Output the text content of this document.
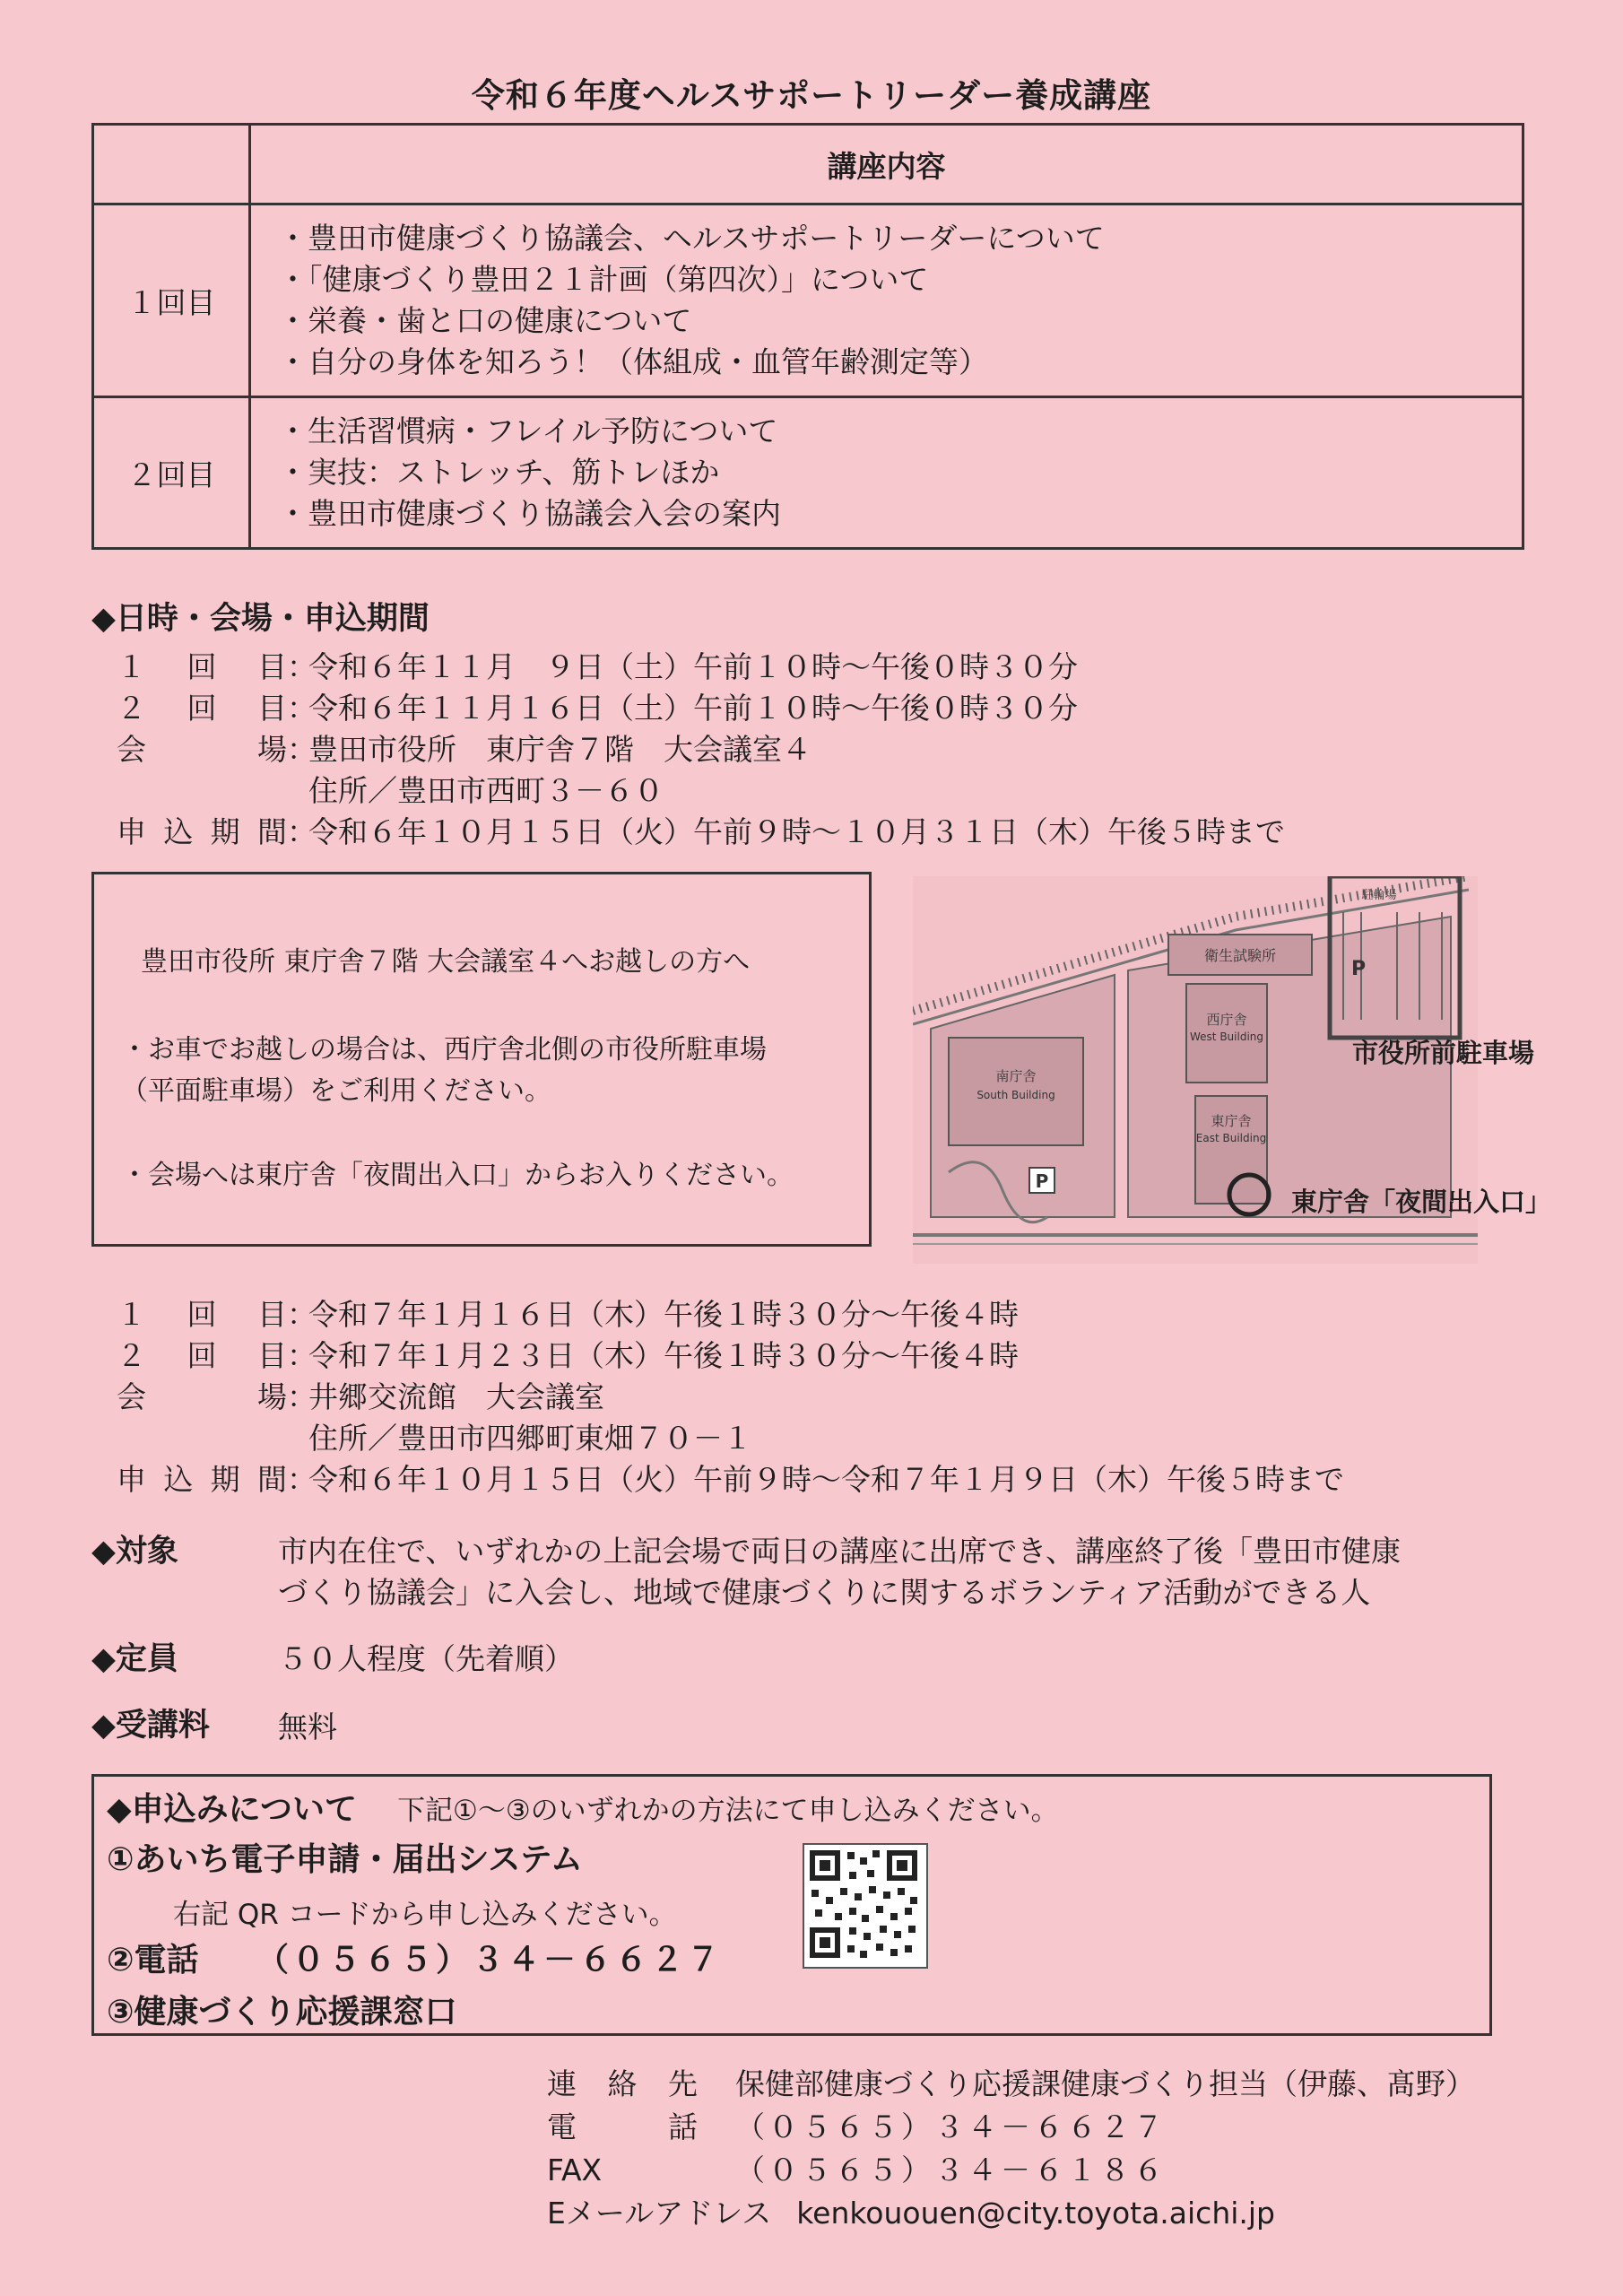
令和６年度ヘルスサポートリーダー養成講座
	講座内容
１回目	・豊田市健康づくり協議会、ヘルスサポートリーダーについて
・「健康づくり豊田２１計画（第四次）」について
・栄養・歯と口の健康について
・自分の身体を知ろう！（体組成・血管年齢測定等）

２回目	・生活習慣病・フレイル予防について
・実技：ストレッチ、筋トレほか
・豊田市健康づくり協議会入会の案内
◆日時・会場・申込期間
１回目：令和６年１１月　９日（土）午前１０時～午後０時３０分
２回目：令和６年１１月１６日（土）午前１０時～午後０時３０分
会場：豊田市役所　東庁舎７階　大会議室４
住所／豊田市西町３－６０
申込期間：令和６年１０月１５日（火）午前９時～１０月３１日（木）午後５時まで

豊田市役所 東庁舎７階 大会議室４へお越しの方へ

・お車でお越しの場合は、西庁舎北側の市役所駐車場

（平面駐車場）をご利用ください。

・会場へは東庁舎「夜間出入口」からお入りください。

南庁舎
South Building
衛生試験所
西庁舎
West Building
東庁舎
East Building
駐輪場
P
P
市役所前駐車場
東庁舎「夜間出入口」
１回目：令和７年１月１６日（木）午後１時３０分～午後４時
２回目：令和７年１月２３日（木）午後１時３０分～午後４時
会場：井郷交流館　大会議室
住所／豊田市四郷町東畑７０－１
申込期間：令和６年１０月１５日（火）午前９時～令和７年１月９日（木）午後５時まで
◆対象	市内在住で、いずれかの上記会場で両日の講座に出席でき、講座終了後「豊田市健康
づくり協議会」に入会し、地域で健康づくりに関するボランティア活動ができる人
◆定員	５０人程度（先着順）
◆受講料 無料
◆申込みについて 下記①～③のいずれかの方法にて申し込みください。
①あいち電子申請・届出システム
右記 QR コードから申し込みください。
②電話 （０５６５）３４－６６２７
③健康づくり応援課窓口
連絡先 保健部健康づくり応援課健康づくり担当（伊藤、髙野）
電話 （０５６５）３４－６６２７
FAX	（０５６５）３４－６１８６
Eメールアドレス kenkououen@city.toyota.aichi.jp
